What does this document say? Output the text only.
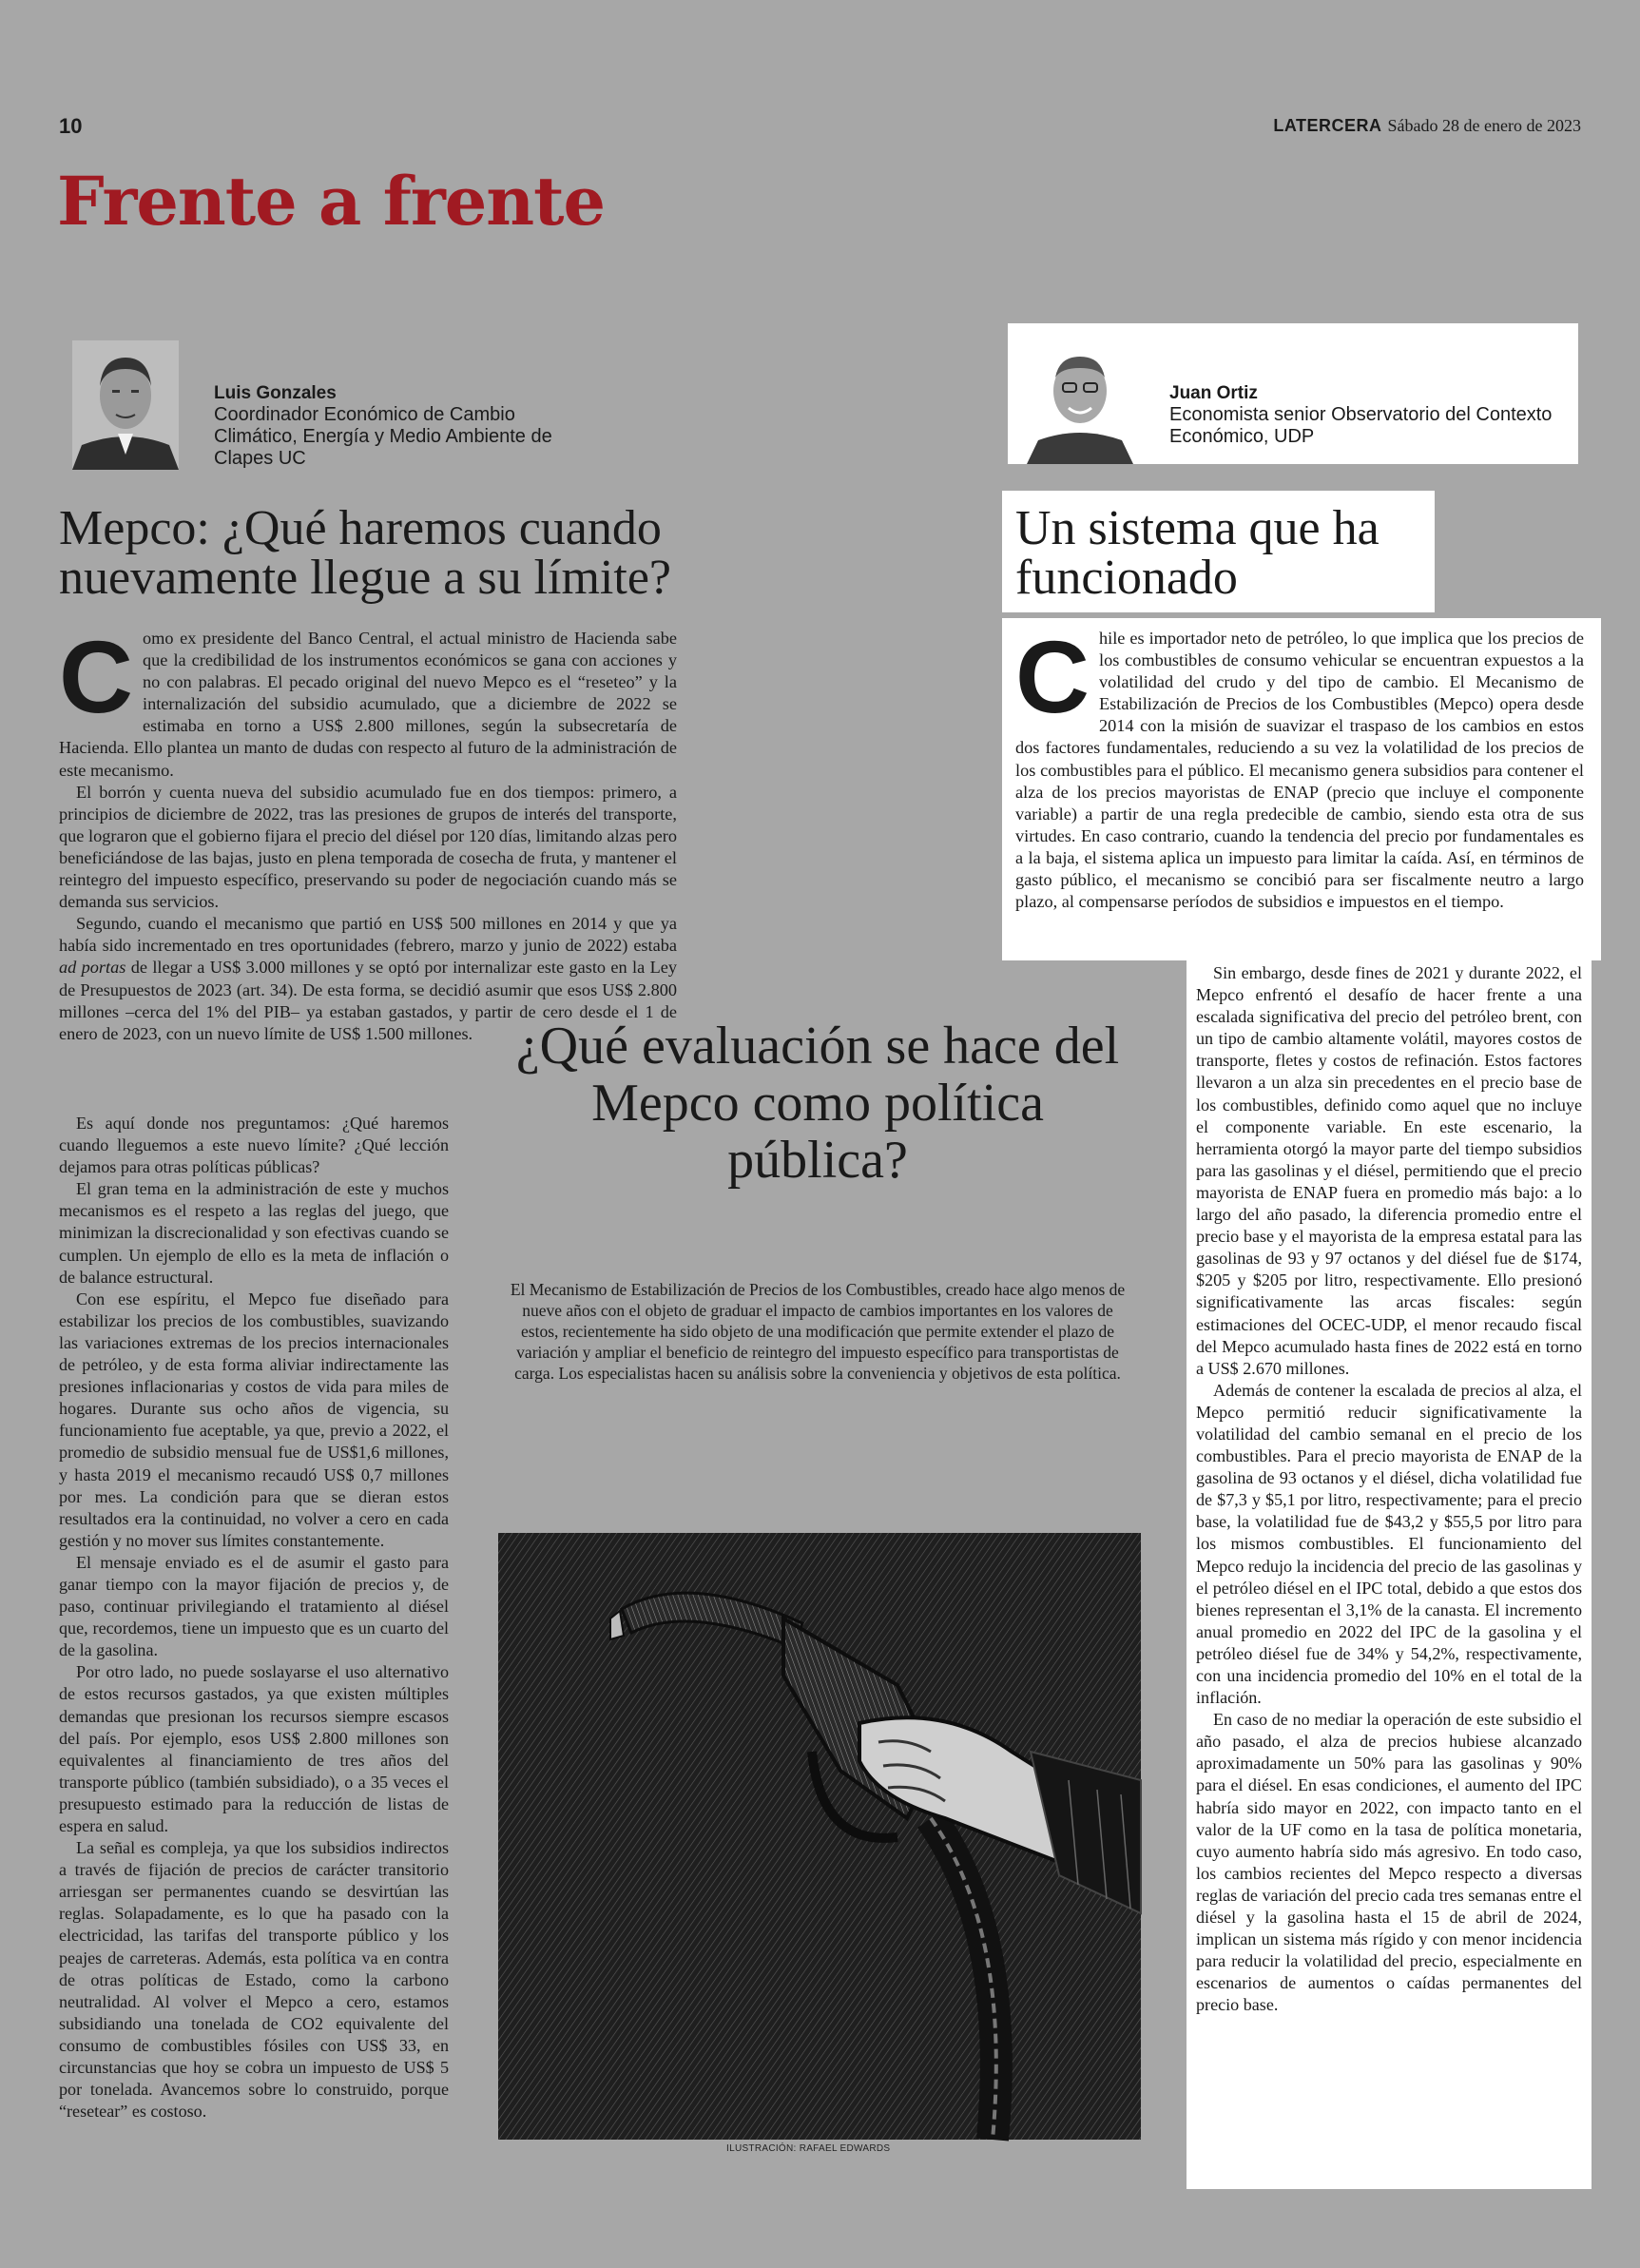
10	LATERCERA Sábado 28 de enero de 2023
Frente a frente
Luis Gonzales
Coordinador Económico de Cambio Climático, Energía y Medio Ambiente de Clapes UC
Mepco: ¿Qué haremos cuando nuevamente llegue a su límite?
C omo ex presidente del Banco Central, el actual ministro de Hacienda sabe que la credibilidad de los instrumentos económicos se gana con acciones y no con palabras. El pecado original del nuevo Mepco es el “reseteo” y la internalización del subsidio acumulado, que a diciembre de 2022 se estimaba en torno a US$ 2.800 millones, según la subsecretaría de Hacienda. Ello plantea un manto de dudas con respecto al futuro de la administración de este mecanismo.

El borrón y cuenta nueva del subsidio acumulado fue en dos tiempos: primero, a principios de diciembre de 2022, tras las presiones de grupos de interés del transporte, que lograron que el gobierno fijara el precio del diésel por 120 días, limitando alzas pero beneficiándose de las bajas, justo en plena temporada de cosecha de fruta, y mantener el reintegro del impuesto específico, preservando su poder de negociación cuando más se demanda sus servicios.

Segundo, cuando el mecanismo que partió en US$ 500 millones en 2014 y que ya había sido incrementado en tres oportunidades (febrero, marzo y junio de 2022) estaba ad portas de llegar a US$ 3.000 millones y se optó por internalizar este gasto en la Ley de Presupuestos de 2023 (art. 34). De esta forma, se decidió asumir que esos US$ 2.800 millones –cerca del 1% del PIB– ya estaban gastados, y partir de cero desde el 1 de enero de 2023, con un nuevo límite de US$ 1.500 millones.

Es aquí donde nos preguntamos: ¿Qué haremos cuando lleguemos a este nuevo límite? ¿Qué lección dejamos para otras políticas públicas?

El gran tema en la administración de este y muchos mecanismos es el respeto a las reglas del juego, que minimizan la discrecionalidad y son efectivas cuando se cumplen. Un ejemplo de ello es la meta de inflación o de balance estructural.

Con ese espíritu, el Mepco fue diseñado para estabilizar los precios de los combustibles, suavizando las variaciones extremas de los precios internacionales de petróleo, y de esta forma aliviar indirectamente las presiones inflacionarias y costos de vida para miles de hogares. Durante sus ocho años de vigencia, su funcionamiento fue aceptable, ya que, previo a 2022, el promedio de subsidio mensual fue de US$1,6 millones, y hasta 2019 el mecanismo recaudó US$ 0,7 millones por mes. La condición para que se dieran estos resultados era la continuidad, no volver a cero en cada gestión y no mover sus límites constantemente.

El mensaje enviado es el de asumir el gasto para ganar tiempo con la mayor fijación de precios y, de paso, continuar privilegiando el tratamiento al diésel que, recordemos, tiene un impuesto que es un cuarto del de la gasolina.

Por otro lado, no puede soslayarse el uso alternativo de estos recursos gastados, ya que existen múltiples demandas que presionan los recursos siempre escasos del país. Por ejemplo, esos US$ 2.800 millones son equivalentes al financiamiento de tres años del transporte público (también subsidiado), o a 35 veces el presupuesto estimado para la reducción de listas de espera en salud.

La señal es compleja, ya que los subsidios indirectos a través de fijación de precios de carácter transitorio arriesgan ser permanentes cuando se desvirtúan las reglas. Solapadamente, es lo que ha pasado con la electricidad, las tarifas del transporte público y los peajes de carreteras. Además, esta política va en contra de otras políticas de Estado, como la carbono neutralidad. Al volver el Mepco a cero, estamos subsidiando una tonelada de CO2 equivalente del consumo de combustibles fósiles con US$ 33, en circunstancias que hoy se cobra un impuesto de US$ 5 por tonelada. Avancemos sobre lo construido, porque “resetear” es costoso.

¿Qué evaluación se hace del Mepco como política pública?
El Mecanismo de Estabilización de Precios de los Combustibles, creado hace algo menos de nueve años con el objeto de graduar el impacto de cambios importantes en los valores de estos, recientemente ha sido objeto de una modificación que permite extender el plazo de variación y ampliar el beneficio de reintegro del impuesto específico para transportistas de carga. Los especialistas hacen su análisis sobre la conveniencia y objetivos de esta política.
ILUSTRACIÓN: RAFAEL EDWARDS
Juan Ortiz
Economista senior Observatorio del Contexto Económico, UDP
Un sistema que ha funcionado
C hile es importador neto de petróleo, lo que implica que los precios de los combustibles de consumo vehicular se encuentran expuestos a la volatilidad del crudo y del tipo de cambio. El Mecanismo de Estabilización de Precios de los Combustibles (Mepco) opera desde 2014 con la misión de suavizar el traspaso de los cambios en estos dos factores fundamentales, reduciendo a su vez la volatilidad de los precios de los combustibles para el público. El mecanismo genera subsidios para contener el alza de los precios mayoristas de ENAP (precio que incluye el componente variable) a partir de una regla predecible de cambio, siendo esta otra de sus virtudes. En caso contrario, cuando la tendencia del precio por fundamentales es a la baja, el sistema aplica un impuesto para limitar la caída. Así, en términos de gasto público, el mecanismo se concibió para ser fiscalmente neutro a largo plazo, al compensarse períodos de subsidios e impuestos en el tiempo.

Sin embargo, desde fines de 2021 y durante 2022, el Mepco enfrentó el desafío de hacer frente a una escalada significativa del precio del petróleo brent, con un tipo de cambio altamente volátil, mayores costos de transporte, fletes y costos de refinación. Estos factores llevaron a un alza sin precedentes en el precio base de los combustibles, definido como aquel que no incluye el componente variable. En este escenario, la herramienta otorgó la mayor parte del tiempo subsidios para las gasolinas y el diésel, permitiendo que el precio mayorista de ENAP fuera en promedio más bajo: a lo largo del año pasado, la diferencia promedio entre el precio base y el mayorista de la empresa estatal para las gasolinas de 93 y 97 octanos y del diésel fue de $174, $205 y $205 por litro, respectivamente. Ello presionó significativamente las arcas fiscales: según estimaciones del OCEC-UDP, el menor recaudo fiscal del Mepco acumulado hasta fines de 2022 está en torno a US$ 2.670 millones.

Además de contener la escalada de precios al alza, el Mepco permitió reducir significativamente la volatilidad del cambio semanal en el precio de los combustibles. Para el precio mayorista de ENAP de la gasolina de 93 octanos y el diésel, dicha volatilidad fue de $7,3 y $5,1 por litro, respectivamente; para el precio base, la volatilidad fue de $43,2 y $55,5 por litro para los mismos combustibles. El funcionamiento del Mepco redujo la incidencia del precio de las gasolinas y el petróleo diésel en el IPC total, debido a que estos dos bienes representan el 3,1% de la canasta. El incremento anual promedio en 2022 del IPC de la gasolina y el petróleo diésel fue de 34% y 54,2%, respectivamente, con una incidencia promedio del 10% en el total de la inflación.

En caso de no mediar la operación de este subsidio el año pasado, el alza de precios hubiese alcanzado aproximadamente un 50% para las gasolinas y 90% para el diésel. En esas condiciones, el aumento del IPC habría sido mayor en 2022, con impacto tanto en el valor de la UF como en la tasa de política monetaria, cuyo aumento habría sido más agresivo. En todo caso, los cambios recientes del Mepco respecto a diversas reglas de variación del precio cada tres semanas entre el diésel y la gasolina hasta el 15 de abril de 2024, implican un sistema más rígido y con menor incidencia para reducir la volatilidad del precio, especialmente en escenarios de aumentos o caídas permanentes del precio base.
